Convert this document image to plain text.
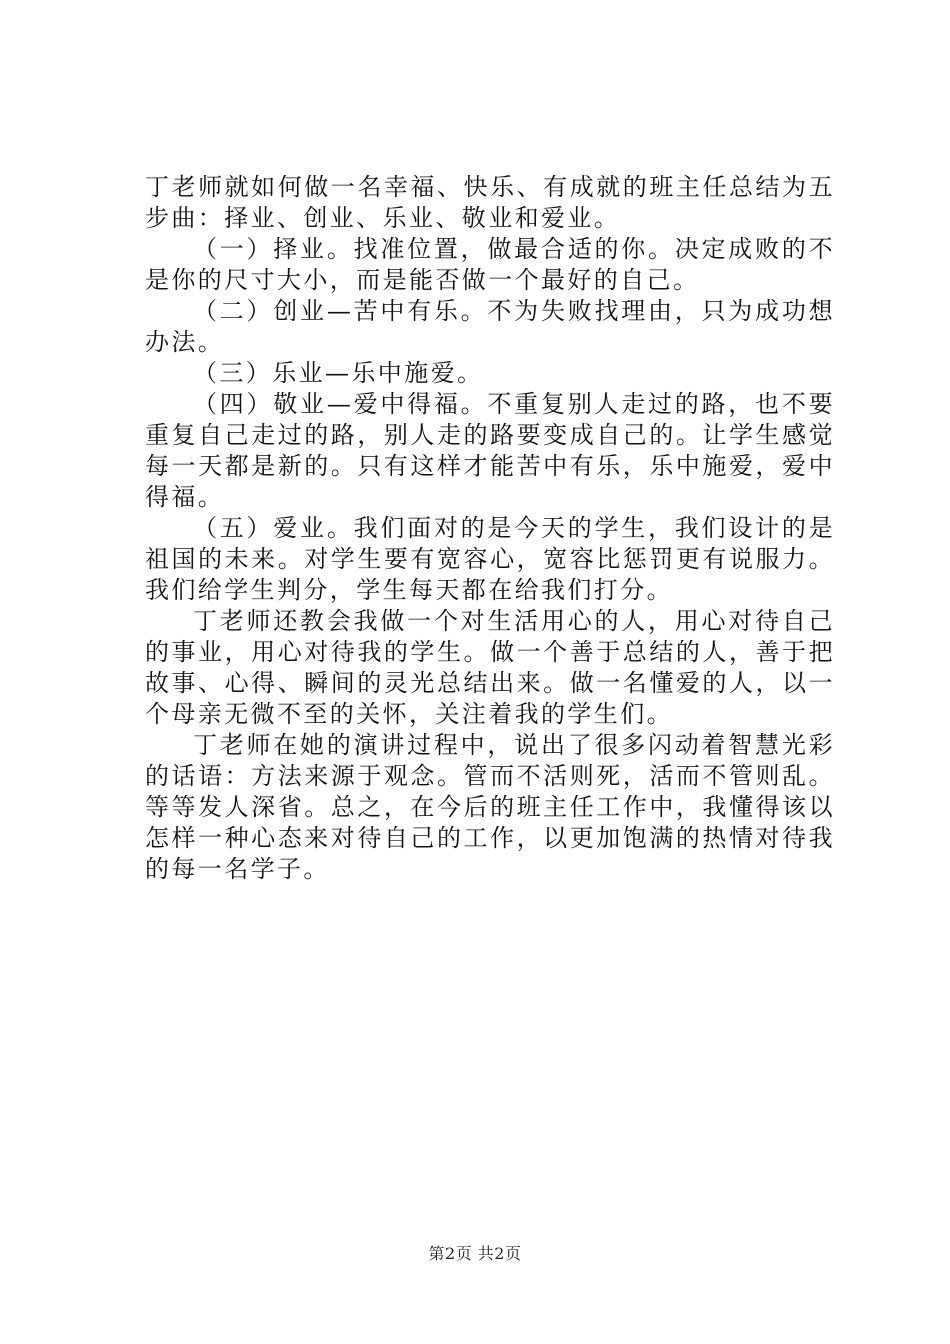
丁老师就如何做一名幸福、快乐、有成就的班主任总结为五步曲：择业、创业、乐业、敬业和爱业。

（一）择业。找准位置，做最合适的你。决定成败的不是你的尺寸大小，而是能否做一个最好的自己。

（二）创业—苦中有乐。不为失败找理由，只为成功想办法。

（三）乐业—乐中施爱。

（四）敬业—爱中得福。不重复别人走过的路，也不要重复自己走过的路，别人走的路要变成自己的。让学生感觉每一天都是新的。只有这样才能苦中有乐，乐中施爱，爱中得福。

（五）爱业。我们面对的是今天的学生，我们设计的是祖国的未来。对学生要有宽容心，宽容比惩罚更有说服力。我们给学生判分，学生每天都在给我们打分。

丁老师还教会我做一个对生活用心的人，用心对待自己的事业，用心对待我的学生。做一个善于总结的人，善于把故事、心得、瞬间的灵光总结出来。做一名懂爱的人，以一个母亲无微不至的关怀，关注着我的学生们。

丁老师在她的演讲过程中，说出了很多闪动着智慧光彩的话语：方法来源于观念。管而不活则死，活而不管则乱。等等发人深省。总之，在今后的班主任工作中，我懂得该以怎样一种心态来对待自己的工作，以更加饱满的热情对待我的每一名学子。

第2页 共2页
